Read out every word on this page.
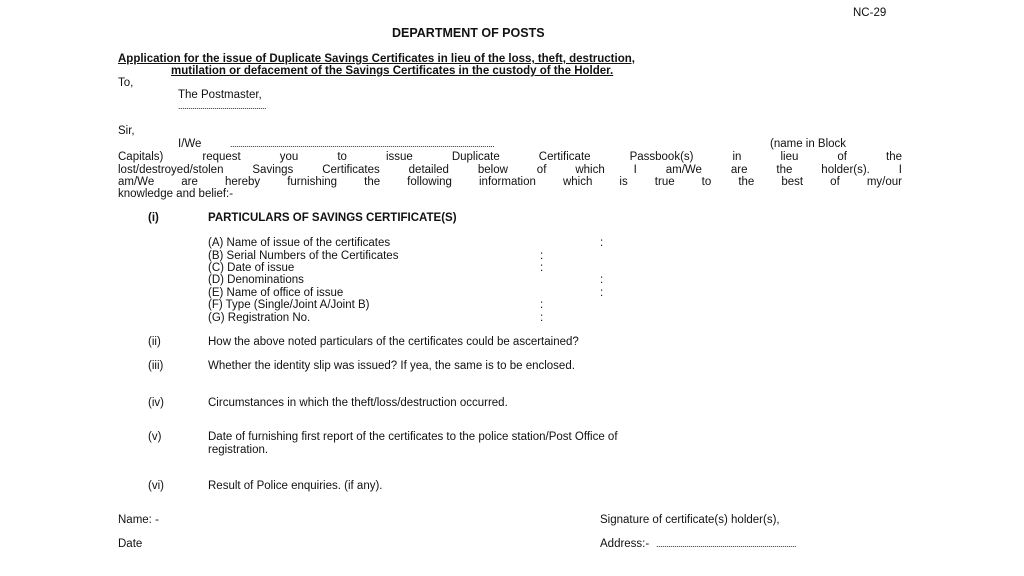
NC-29
DEPARTMENT OF POSTS
Application for the issue of Duplicate Savings Certificates in lieu of the loss, theft, destruction,
mutilation or defacement of the Savings Certificates in the custody of the Holder.
To,
The Postmaster,
............................................
Sir,
I/We	....................................................................................................................................	(name in Block
Capitals) request you to issue Duplicate Certificate Passbook(s) in lieu of the
lost/destroyed/stolen Savings Certificates detailed below of which I am/We are the holder(s). I
am/We are hereby furnishing the following information which is true to the best of my/our
knowledge and belief:-
(i)	PARTICULARS OF SAVINGS CERTIFICATE(S)
(A) Name of issue of the certificates	:
(B) Serial Numbers of the Certificates	:
(C) Date of issue	:
(D) Denominations	:
(E) Name of office of issue	:
(F) Type (Single/Joint A/Joint B)	:
(G) Registration No.	:
(ii)	How the above noted particulars of the certificates could be ascertained?
(iii)	Whether the identity slip was issued? If yea, the same is to be enclosed.
(iv)	Circumstances in which the theft/loss/destruction occurred.
(v)	Date of furnishing first report of the certificates to the police station/Post Office of
registration.
(vi)	Result of Police enquiries. (if any).
Name: -	Signature of certificate(s) holder(s),
Date	Address:- ......................................................................
